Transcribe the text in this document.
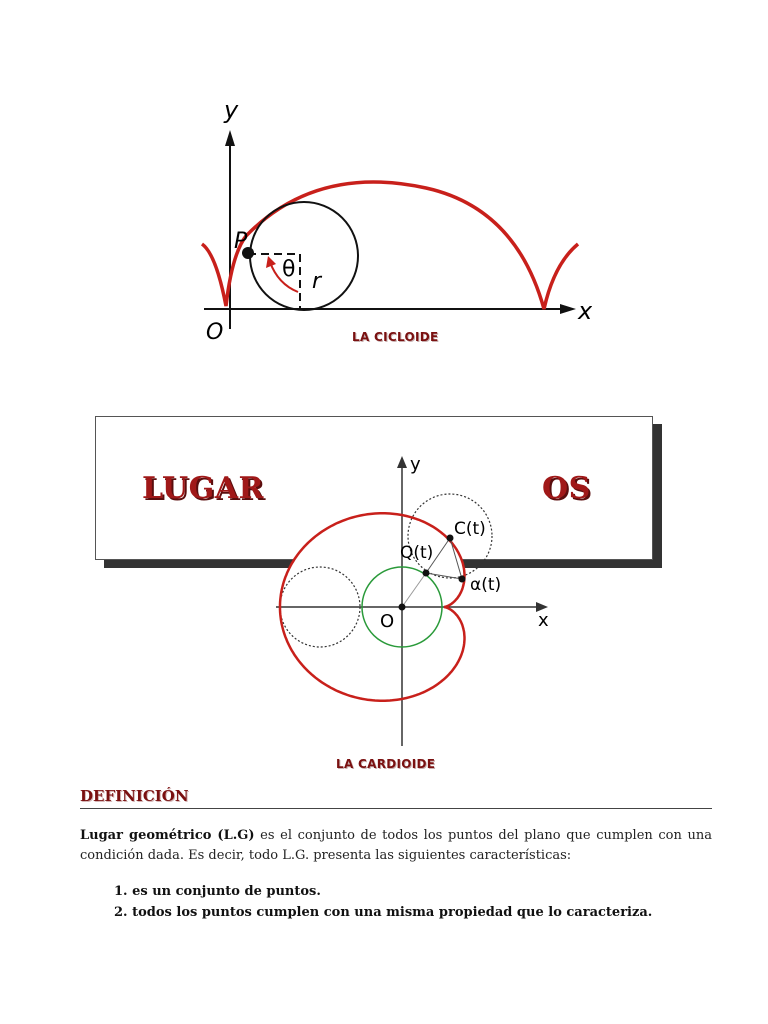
y
x
O
P
θ r
LA CICLOIDE
LUGAR	OS
y
x
O
C(t)
Q(t)
α(t)
LA CARDIOIDE
DEFINICIÓN
Lugar geométrico (L.G) es el conjunto de todos los puntos del plano que cumplen con una condición dada. Es decir, todo L.G. presenta las siguientes características:
1. es un conjunto de puntos.
2. todos los puntos cumplen con una misma propiedad que lo caracteriza.
